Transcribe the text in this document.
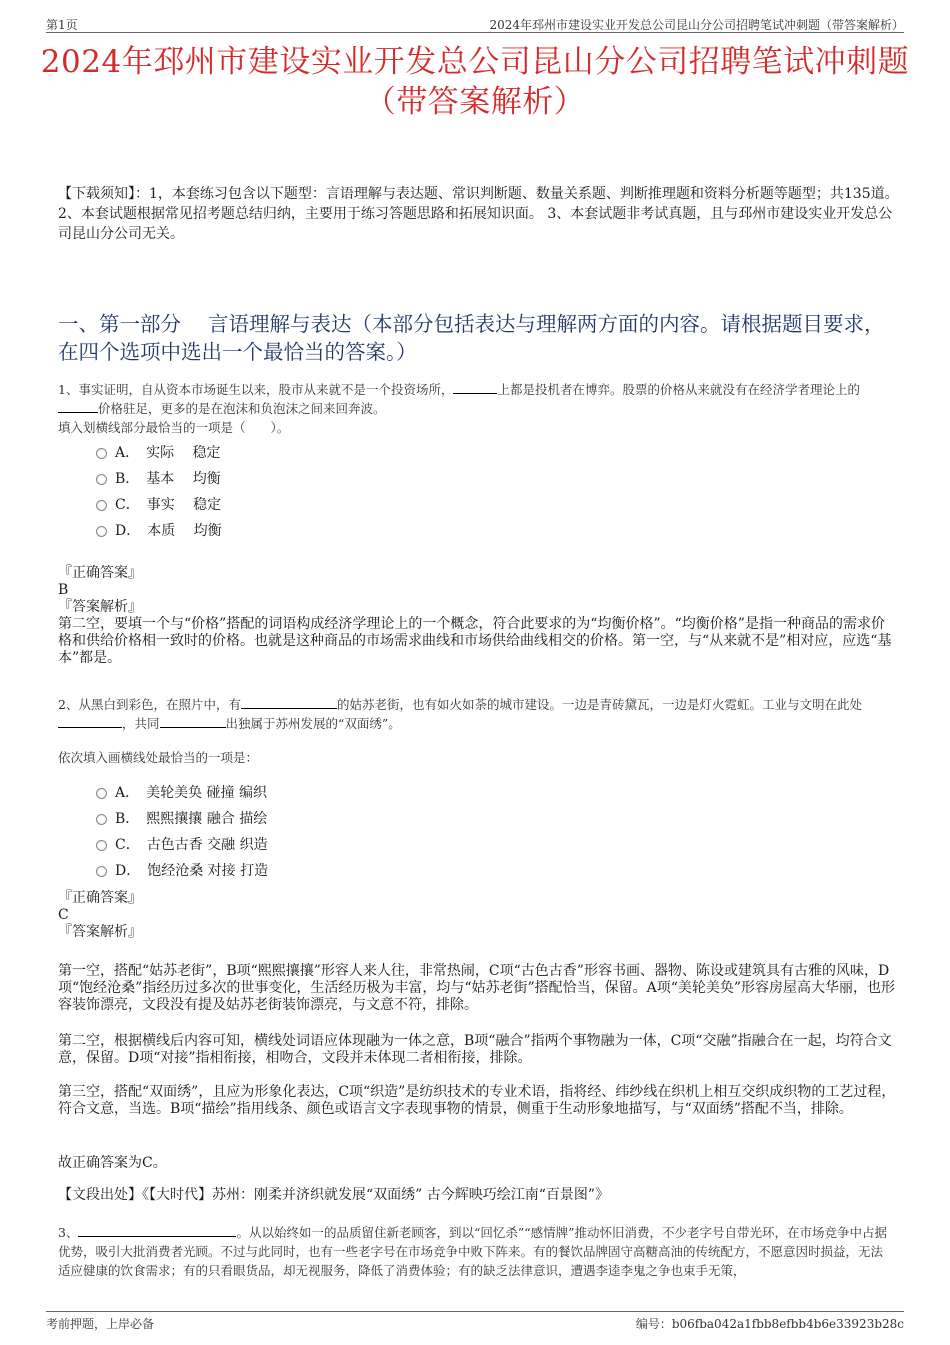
第1页	2024年邳州市建设实业开发总公司昆山分公司招聘笔试冲刺题（带答案解析）
2024年邳州市建设实业开发总公司昆山分公司招聘笔试冲刺题
（带答案解析）
【下载须知】：1，本套练习包含以下题型：言语理解与表达题、常识判断题、数量关系题、判断推理题和资料分析题等题型；共135道。 2、本套试题根据常见招考题总结归纳，主要用于练习答题思路和拓展知识面。 3、本套试题非考试真题，且与邳州市建设实业开发总公司昆山分公司无关。
一、第一部分　 言语理解与表达（本部分包括表达与理解两方面的内容。请根据题目要求，在四个选项中选出一个最恰当的答案。）
1、事实证明，自从资本市场诞生以来，股市从来就不是一个投资场所，	上都是投机者在博弈。股票的价格从来就没有在经济学者理论上的价格驻足，更多的是在泡沫和负泡沫之间来回奔波。
填入划横线部分最恰当的一项是（　　）。
A．　实际　 稳定
B．　基本　 均衡
C．　事实　 稳定
D．　本质　 均衡
『正确答案』
B
『答案解析』
第二空，要填一个与“价格”搭配的词语构成经济学理论上的一个概念，符合此要求的为“均衡价格”。“均衡价格”是指一种商品的需求价格和供给价格相一致时的价格。也就是这种商品的市场需求曲线和市场供给曲线相交的价格。第一空，与“从来就不是”相对应，应选“基本”都是。
2、从黑白到彩色，在照片中，有	的姑苏老街，也有如火如荼的城市建设。一边是青砖黛瓦，一边是灯火霓虹。工业与文明在此处，共同	出独属于苏州发展的“双面绣”。
依次填入画横线处最恰当的一项是：
A．　美轮美奂 碰撞 编织
B．　熙熙攘攘 融合 描绘
C．　古色古香 交融 织造
D．　饱经沧桑 对接 打造
『正确答案』
C
『答案解析』
第一空，搭配“姑苏老街”，B项“熙熙攘攘”形容人来人往，非常热闹，C项“古色古香”形容书画、器物、陈设或建筑具有古雅的风味，D项“饱经沧桑”指经历过多次的世事变化，生活经历极为丰富，均与“姑苏老街”搭配恰当，保留。A项“美轮美奂”形容房屋高大华丽，也形容装饰漂亮，文段没有提及姑苏老街装饰漂亮，与文意不符，排除。
第二空，根据横线后内容可知，横线处词语应体现融为一体之意，B项“融合”指两个事物融为一体，C项“交融”指融合在一起，均符合文意，保留。D项“对接”指相衔接，相吻合，文段并未体现二者相衔接，排除。
第三空，搭配“双面绣”，且应为形象化表达，C项“织造”是纺织技术的专业术语，指将经、纬纱线在织机上相互交织成织物的工艺过程，符合文意，当选。B项“描绘”指用线条、颜色或语言文字表现事物的情景，侧重于生动形象地描写，与“双面绣”搭配不当，排除。
故正确答案为C。
【文段出处】《【大时代】苏州：刚柔并济织就发展“双面绣” 古今辉映巧绘江南“百景图”》
3、	。从以始终如一的品质留住新老顾客，到以“回忆杀”“感情牌”推动怀旧消费，不少老字号自带光环，在市场竞争中占据优势，吸引大批消费者光顾。不过与此同时，也有一些老字号在市场竞争中败下阵来。有的餐饮品牌固守高糖高油的传统配方，不愿意因时损益，无法适应健康的饮食需求；有的只看眼货品，却无视服务，降低了消费体验；有的缺乏法律意识，遭遇李逵李鬼之争也束手无策，
考前押题，上岸必备	编号：b06fba042a1fbb8efbb4b6e33923b28c
